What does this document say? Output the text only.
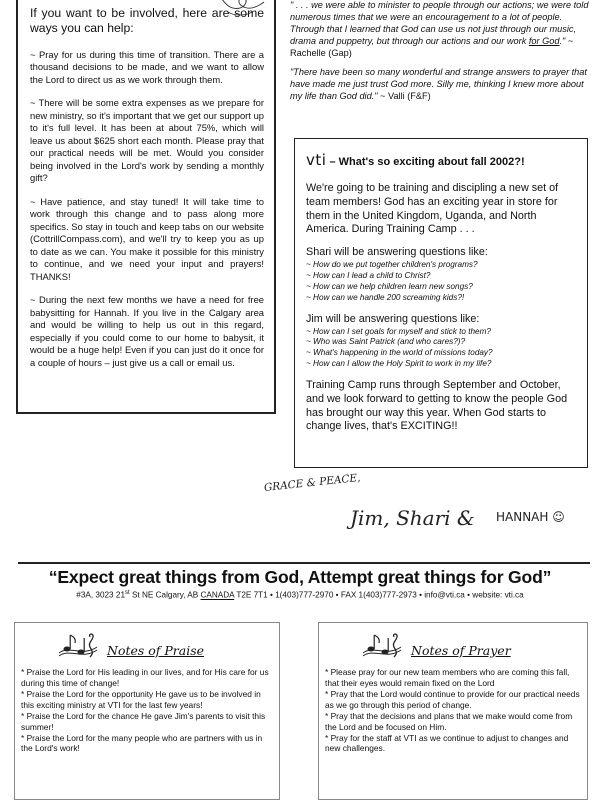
If you want to be involved, here are some ways you can help:

~ Pray for us during this time of transition. There are a thousand decisions to be made, and we want to allow the Lord to direct us as we work through them.

~ There will be some extra expenses as we prepare for new ministry, so it's important that we get our support up to it's full level. It has been at about 75%, which will leave us about $625 short each month. Please pray that our practical needs will be met. Would you consider being involved in the Lord's work by sending a monthly gift?

~ Have patience, and stay tuned! It will take time to work through this change and to pass along more specifics. So stay in touch and keep tabs on our website (CottrillCompass.com), and we'll try to keep you as up to date as we can. You make it possible for this ministry to continue, and we need your input and prayers! THANKS!

~ During the next few months we have a need for free babysitting for Hannah. If you live in the Calgary area and would be willing to help us out in this regard, especially if you could come to our home to babysit, it would be a huge help! Even if you can just do it once for a couple of hours – just give us a call or email us.

" . . . we were able to minister to people through our actions; we were told numerous times that we were an encouragement to a lot of people. Through that I learned that God can use us not just through our music, drama and puppetry, but through our actions and our work for God." ~ Rachelle (Gap)

"There have been so many wonderful and strange answers to prayer that have made me just trust God more. Silly me, thinking I knew more about my life than God did." ~ Valli (F&F)

vti – What's so exciting about fall 2002?!

We're going to be training and discipling a new set of team members! God has an exciting year in store for them in the United Kingdom, Uganda, and North America. During Training Camp . . .

Shari will be answering questions like:

~ How do we put together children's programs?
~ How can I lead a child to Christ?
~ How can we help children learn new songs?
~ How can we handle 200 screaming kids?!

Jim will be answering questions like:

~ How can I set goals for myself and stick to them?
~ Who was Saint Patrick (and who cares?)?
~ What's happening in the world of missions today?
~ How can I allow the Holy Spirit to work in my life?

Training Camp runs through September and October, and we look forward to getting to know the people God has brought our way this year. When God starts to change lives, that's EXCITING!!

GRACE & PEACE,
Jim, Shari & HANNAH ☺
“Expect great things from God, Attempt great things for God”
#3A, 3023 21st St NE Calgary, AB CANADA T2E 7T1 • 1(403)777-2970 • FAX 1(403)777-2973 • info@vti.ca • website: vti.ca
Notes of Praise
* Praise the Lord for His leading in our lives, and for His care for us during this time of change!
* Praise the Lord for the opportunity He gave us to be involved in this exciting ministry at VTI for the last few years!
* Praise the Lord for the chance He gave Jim's parents to visit this summer!
* Praise the Lord for the many people who are partners with us in the Lord's work!
Notes of Prayer
* Please pray for our new team members who are coming this fall, that their eyes would remain fixed on the Lord
* Pray that the Lord would continue to provide for our practical needs as we go through this period of change.
* Pray that the decisions and plans that we make would come from the Lord and be focused on Him.
* Pray for the staff at VTI as we continue to adjust to changes and new challenges.
